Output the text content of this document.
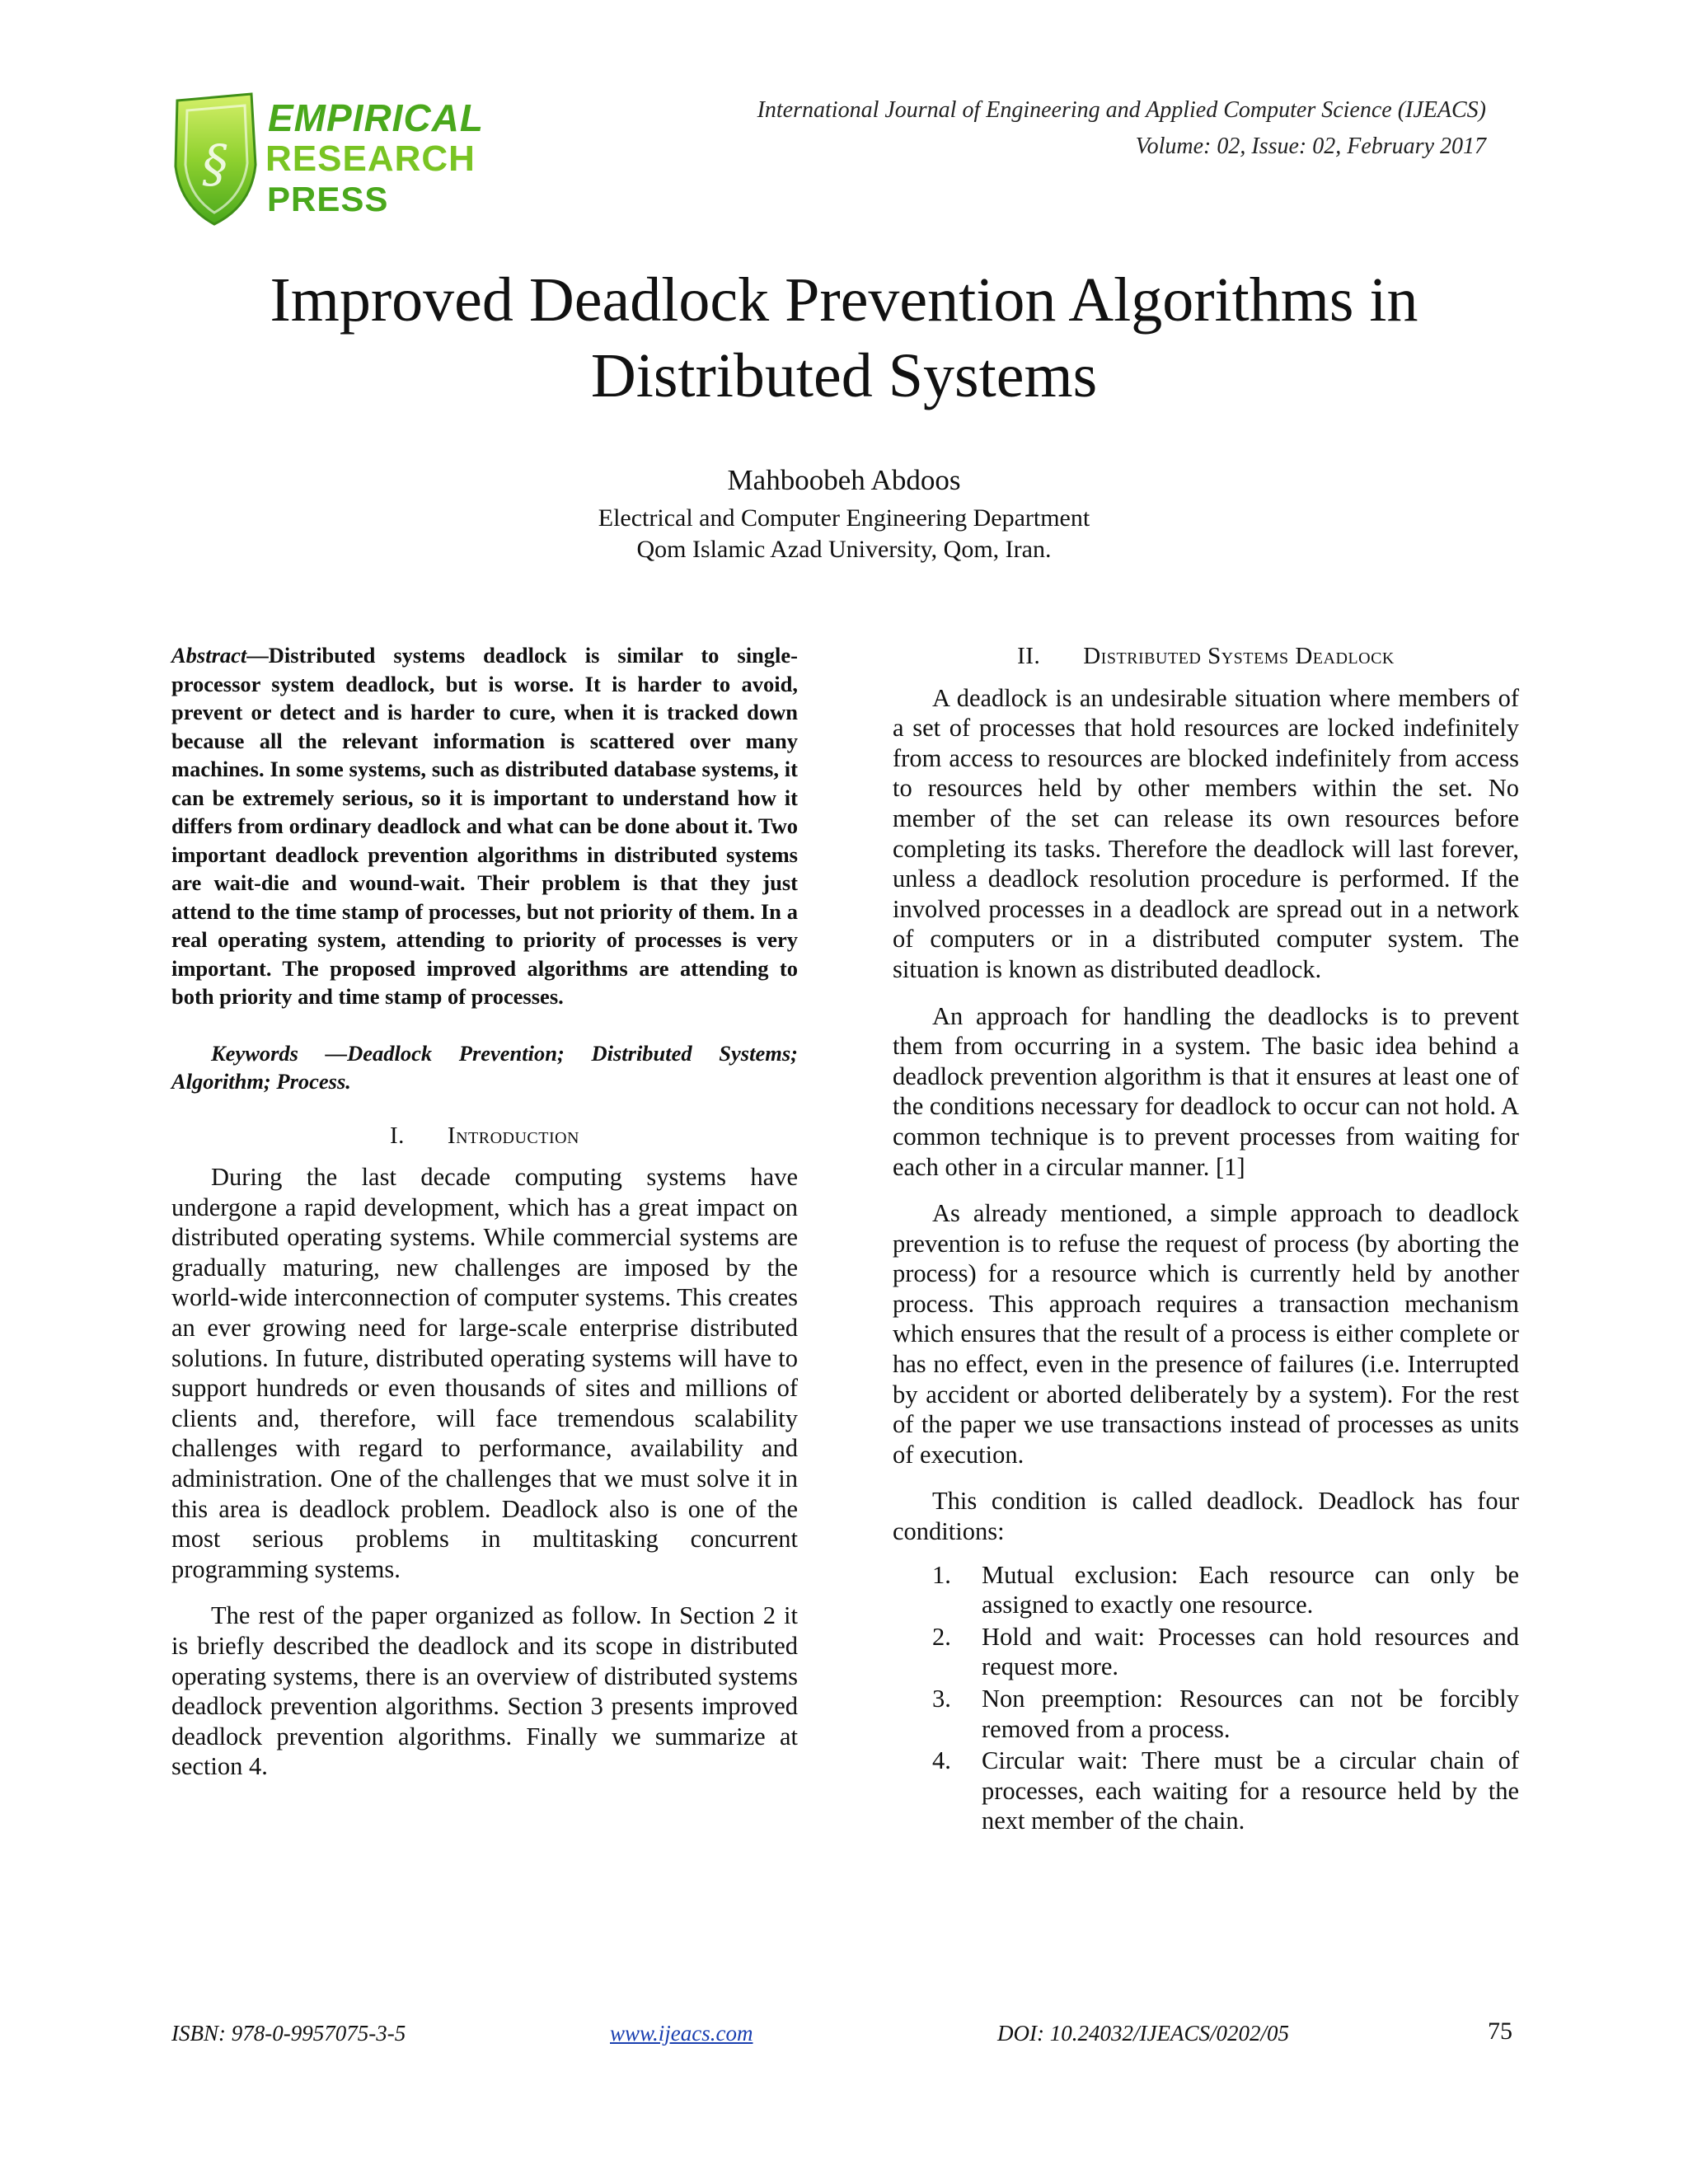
§
EMPIRICAL
RESEARCH
PRESS
International Journal of Engineering and Applied Computer Science (IJEACS)
Volume: 02, Issue: 02, February 2017
Improved Deadlock Prevention Algorithms in Distributed Systems
Mahboobeh Abdoos
Electrical and Computer Engineering Department
Qom Islamic Azad University, Qom, Iran.
Abstract—Distributed systems deadlock is similar to single-processor system deadlock, but is worse. It is harder to avoid, prevent or detect and is harder to cure, when it is tracked down because all the relevant information is scattered over many machines. In some systems, such as distributed database systems, it can be extremely serious, so it is important to understand how it differs from ordinary deadlock and what can be done about it. Two important deadlock prevention algorithms in distributed systems are wait-die and wound-wait. Their problem is that they just attend to the time stamp of processes, but not priority of them. In a real operating system, attending to priority of processes is very important. The proposed improved algorithms are attending to both priority and time stamp of processes.
Keywords —Deadlock Prevention; Distributed Systems; Algorithm; Process.
I. Introduction

During the last decade computing systems have undergone a rapid development, which has a great impact on distributed operating systems. While commercial systems are gradually maturing, new challenges are imposed by the world-wide interconnection of computer systems. This creates an ever growing need for large-scale enterprise distributed solutions. In future, distributed operating systems will have to support hundreds or even thousands of sites and millions of clients and, therefore, will face tremendous scalability challenges with regard to performance, availability and administration. One of the challenges that we must solve it in this area is deadlock problem. Deadlock also is one of the most serious problems in multitasking concurrent programming systems.

The rest of the paper organized as follow. In Section 2 it is briefly described the deadlock and its scope in distributed operating systems, there is an overview of distributed systems deadlock prevention algorithms. Section 3 presents improved deadlock prevention algorithms. Finally we summarize at section 4.

II. Distributed Systems Deadlock

A deadlock is an undesirable situation where members of a set of processes that hold resources are locked indefinitely from access to resources are blocked indefinitely from access to resources held by other members within the set. No member of the set can release its own resources before completing its tasks. Therefore the deadlock will last forever, unless a deadlock resolution procedure is performed. If the involved processes in a deadlock are spread out in a network of computers or in a distributed computer system. The situation is known as distributed deadlock.

An approach for handling the deadlocks is to prevent them from occurring in a system. The basic idea behind a deadlock prevention algorithm is that it ensures at least one of the conditions necessary for deadlock to occur can not hold. A common technique is to prevent processes from waiting for each other in a circular manner. [1]

As already mentioned, a simple approach to deadlock prevention is to refuse the request of process (by aborting the process) for a resource which is currently held by another process. This approach requires a transaction mechanism which ensures that the result of a process is either complete or has no effect, even in the presence of failures (i.e. Interrupted by accident or aborted deliberately by a system). For the rest of the paper we use transactions instead of processes as units of execution.

This condition is called deadlock. Deadlock has four conditions:

1.	Mutual exclusion: Each resource can only be assigned to exactly one resource.
2.	Hold and wait: Processes can hold resources and request more.
3.	Non preemption: Resources can not be forcibly removed from a process.
4.	Circular wait: There must be a circular chain of processes, each waiting for a resource held by the next member of the chain.
ISBN: 978-0-9957075-3-5	www.ijeacs.com	DOI: 10.24032/IJEACS/0202/05	75
